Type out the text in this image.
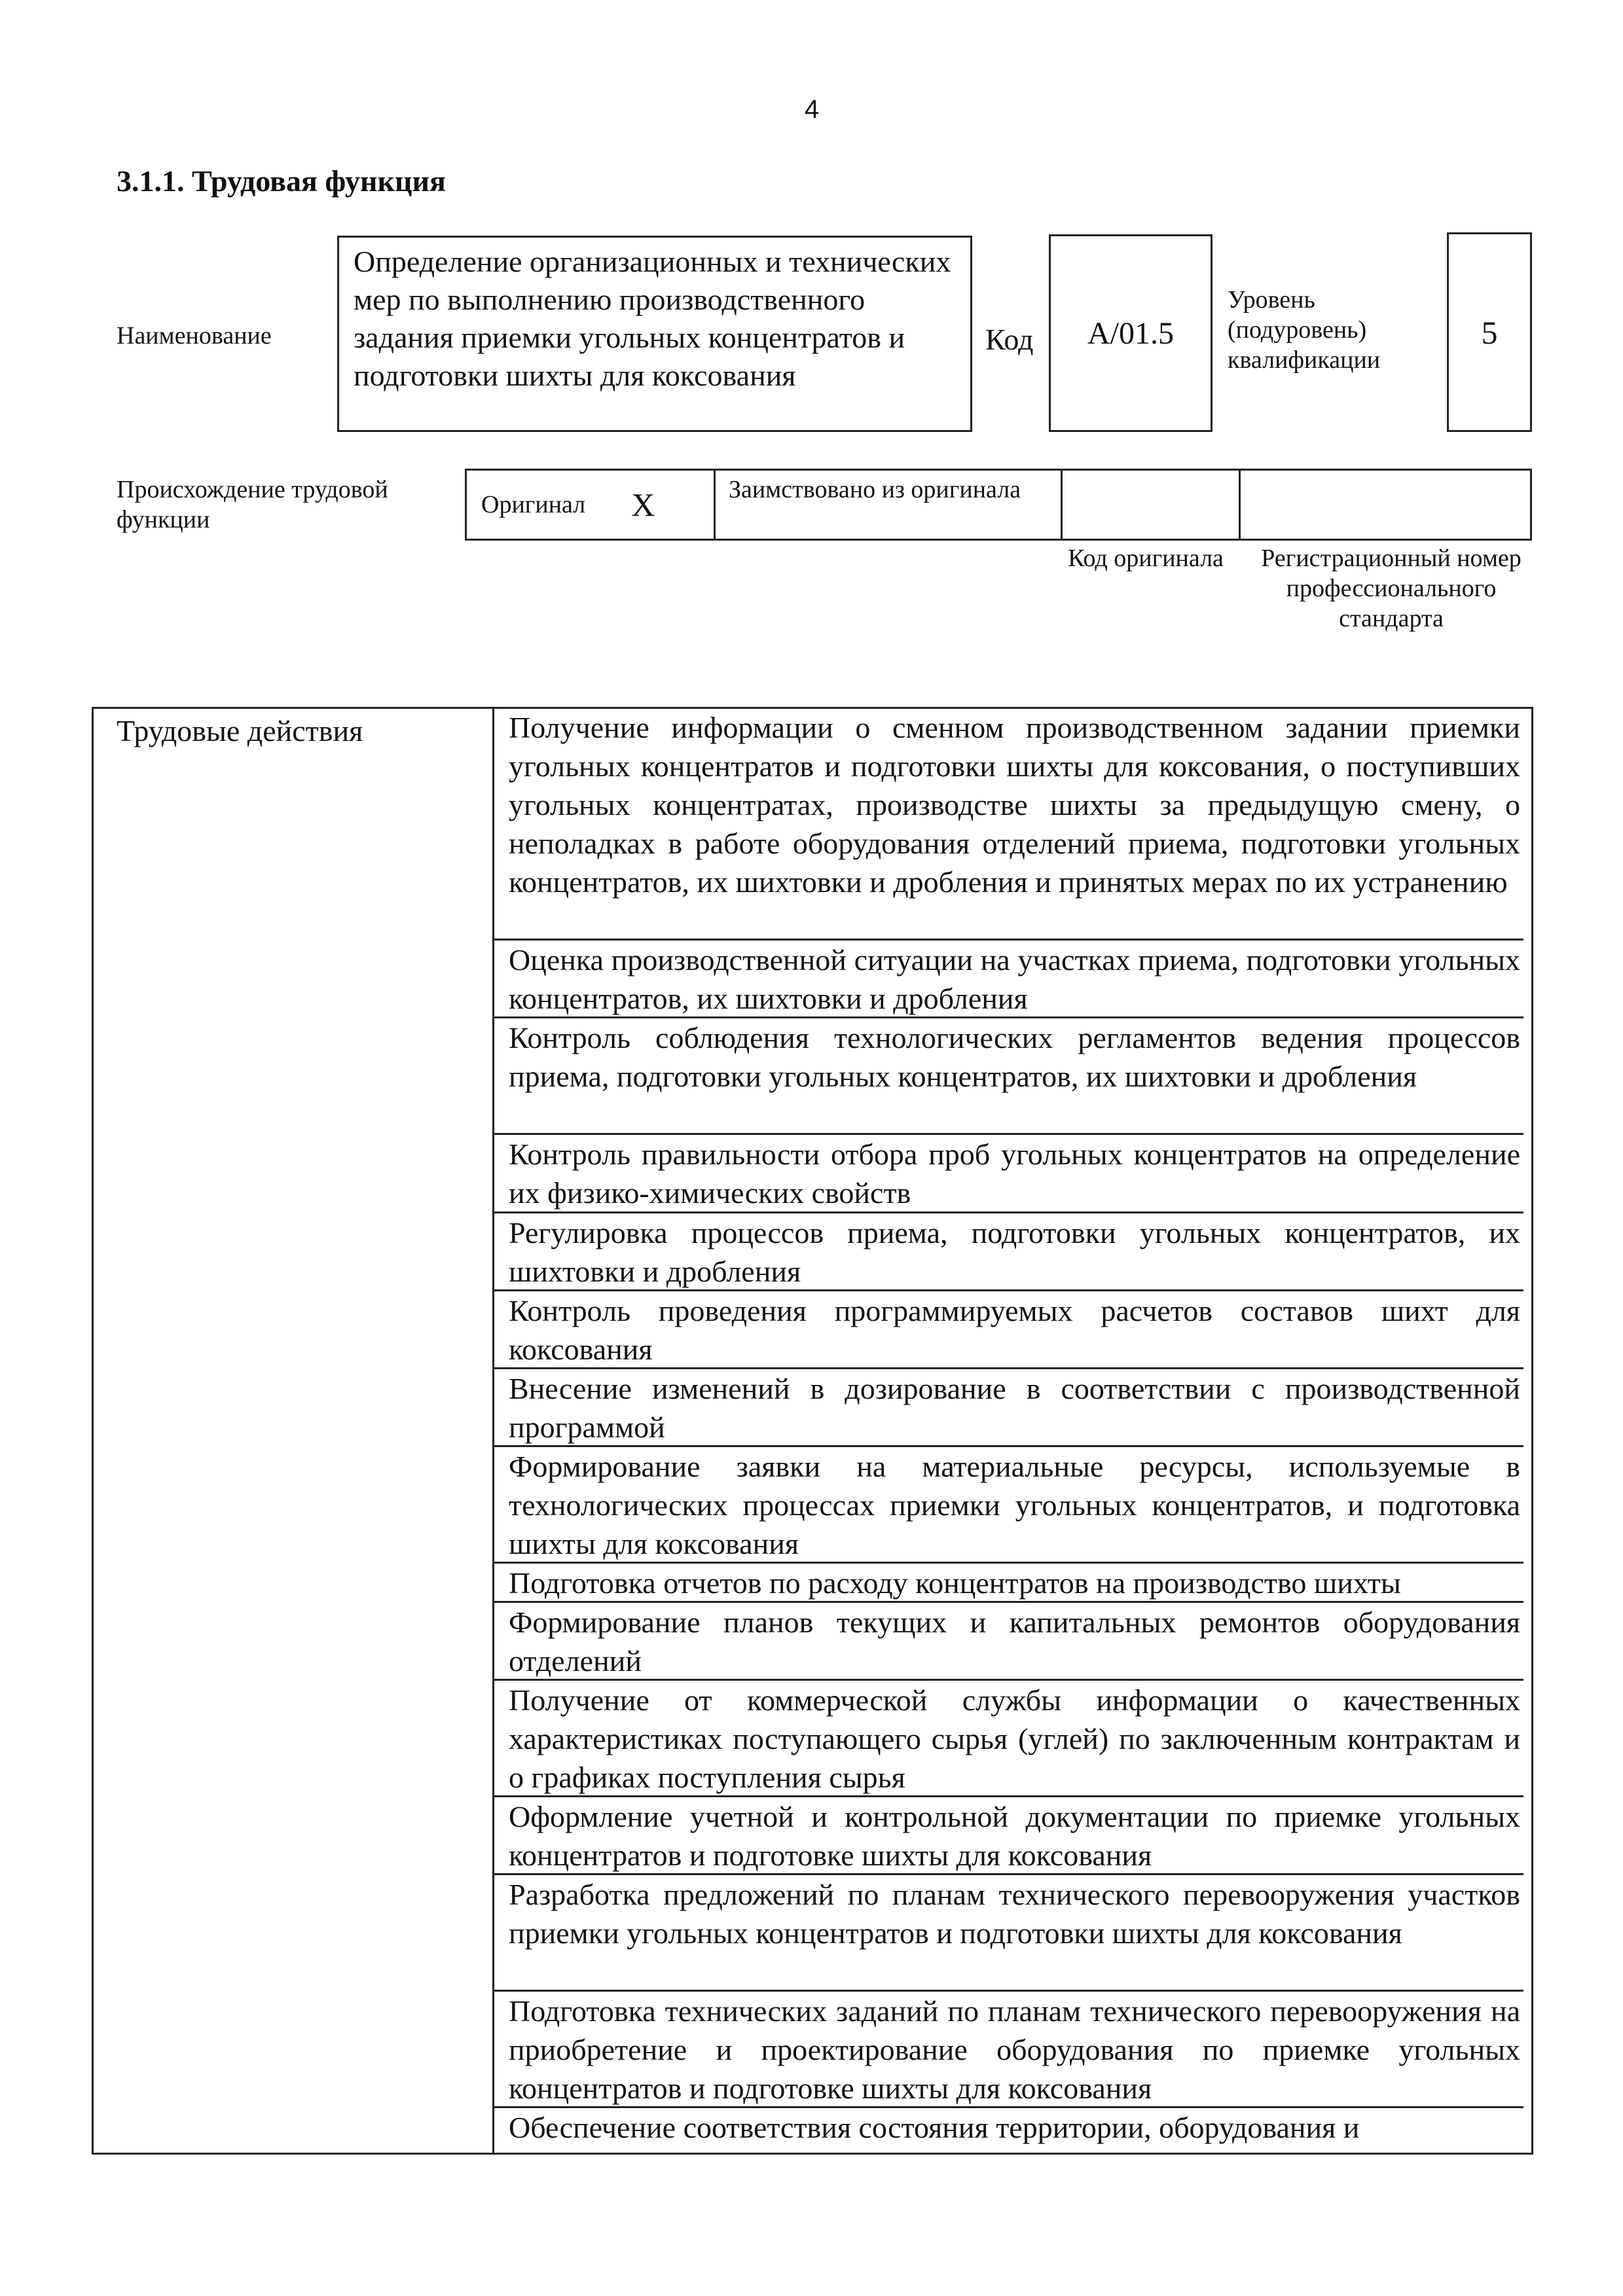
4
3.1.1. Трудовая функция
Наименование
Определение организационных и технических мер по выполнению производственного задания приемки угольных концентратов и подготовки шихты для коксования
Код	A/01.5
Уровень (подуровень) квалификации
5
Происхождение трудовой функции
Оригинал X	Заимствовано из оригинала
Код оригинала	Регистрационный номер профессионального стандарта
Трудовые действия	Получение информации о сменном производственном задании приемки угольных концентратов и подготовки шихты для коксования, о поступивших угольных концентратах, производстве шихты за предыдущую смену, о неполадках в работе оборудования отделений приема, подготовки угольных концентратов, их шихтовки и дробления и принятых мерах по их устранению
Оценка производственной ситуации на участках приема, подготовки угольных концентратов, их шихтовки и дробления
Контроль соблюдения технологических регламентов ведения процессов приема, подготовки угольных концентратов, их шихтовки и дробления
Контроль правильности отбора проб угольных концентратов на определение их физико-химических свойств
Регулировка процессов приема, подготовки угольных концентратов, их шихтовки и дробления
Контроль проведения программируемых расчетов составов шихт для коксования
Внесение изменений в дозирование в соответствии с производственной программой
Формирование заявки на материальные ресурсы, используемые в технологических процессах приемки угольных концентратов, и подготовка шихты для коксования
Подготовка отчетов по расходу концентратов на производство шихты
Формирование планов текущих и капитальных ремонтов оборудования отделений
Получение от коммерческой службы информации о качественных характеристиках поступающего сырья (углей) по заключенным контрактам и о графиках поступления сырья
Оформление учетной и контрольной документации по приемке угольных концентратов и подготовке шихты для коксования
Разработка предложений по планам технического перевооружения участков приемки угольных концентратов и подготовки шихты для коксования
Подготовка технических заданий по планам технического перевооружения на приобретение и проектирование оборудования по приемке угольных концентратов и подготовке шихты для коксования
Обеспечение соответствия состояния территории, оборудования и
